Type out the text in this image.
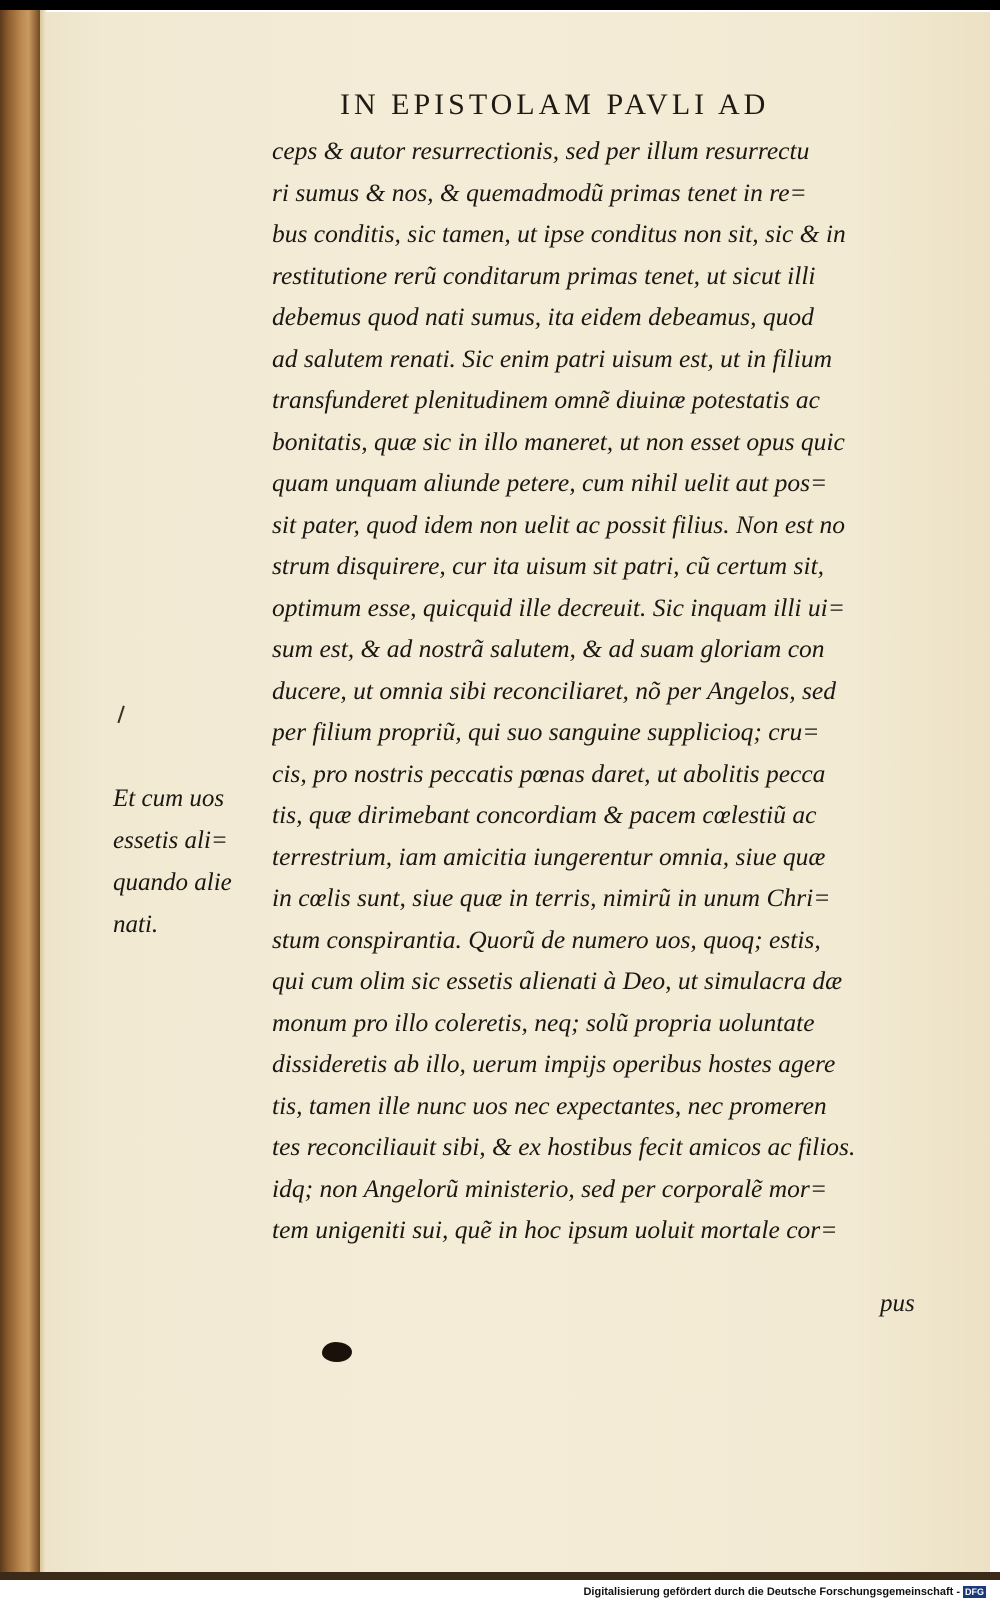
IN EPISTOLAM PAVLI AD
ceps & autor resurrectionis, sed per illum resurrectu
ri sumus & nos, & quemadmodũ primas tenet in re=
bus conditis, sic tamen, ut ipse conditus non sit, sic & in
restitutione rerũ conditarum primas tenet, ut sicut illi
debemus quod nati sumus, ita eidem debeamus, quod
ad salutem renati. Sic enim patri uisum est, ut in filium
transfunderet plenitudinem omnẽ diuinæ potestatis ac
bonitatis, quæ sic in illo maneret, ut non esset opus quic
quam unquam aliunde petere, cum nihil uelit aut pos=
sit pater, quod idem non uelit ac possit filius. Non est no
strum disquirere, cur ita uisum sit patri, cũ certum sit,
optimum esse, quicquid ille decreuit. Sic inquam illi ui=
sum est, & ad nostrã salutem, & ad suam gloriam con
ducere, ut omnia sibi reconciliaret, nõ per Angelos, sed
per filium propriũ, qui suo sanguine supplicioq; cru=
cis, pro nostris peccatis pœnas daret, ut abolitis pecca
tis, quæ dirimebant concordiam & pacem cœlestiũ ac
terrestrium, iam amicitia iungerentur omnia, siue quæ
in cœlis sunt, siue quæ in terris, nimirũ in unum Chri=
stum conspirantia. Quorũ de numero uos, quoq; estis,
qui cum olim sic essetis alienati à Deo, ut simulacra dæ
monum pro illo coleretis, neq; solũ propria uoluntate
dissideretis ab illo, uerum impijs operibus hostes agere
tis, tamen ille nunc uos nec expectantes, nec promeren
tes reconciliauit sibi, & ex hostibus fecit amicos ac filios.
idq; non Angelorũ ministerio, sed per corporalẽ mor=
tem unigeniti sui, quẽ in hoc ipsum uoluit mortale cor=
pus
Et cum uos
essetis ali=
quando alie
nati.
Digitalisierung gefördert durch die Deutsche Forschungsgemeinschaft - DFG
